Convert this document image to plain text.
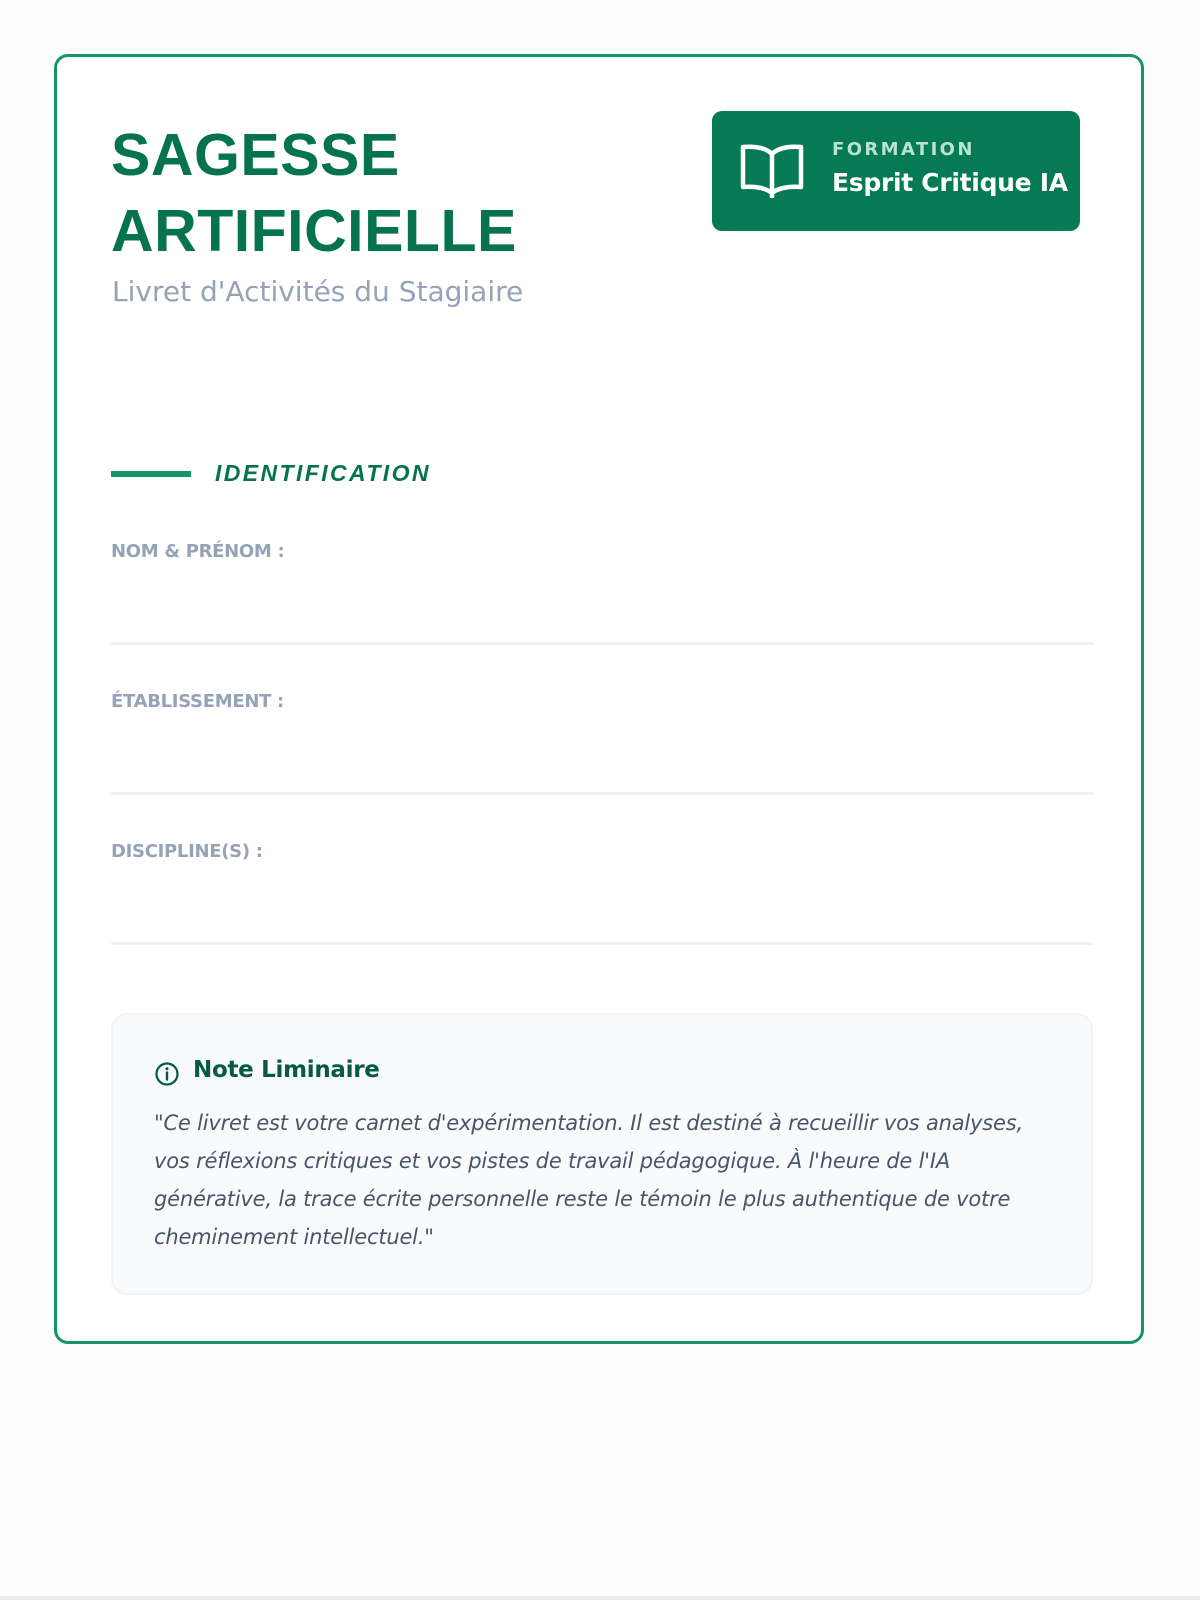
SAGESSE
ARTIFICIELLE
Livret d'Activités du Stagiaire
FORMATION
Esprit Critique IA
IDENTIFICATION
NOM & PRÉNOM :
ÉTABLISSEMENT :
DISCIPLINE(S) :
Note Liminaire

"Ce livret est votre carnet d'expérimentation. Il est destiné à recueillir vos analyses, vos réflexions critiques et vos pistes de travail pédagogique. À l'heure de l'IA générative, la trace écrite personnelle reste le témoin le plus authentique de votre cheminement intellectuel."
